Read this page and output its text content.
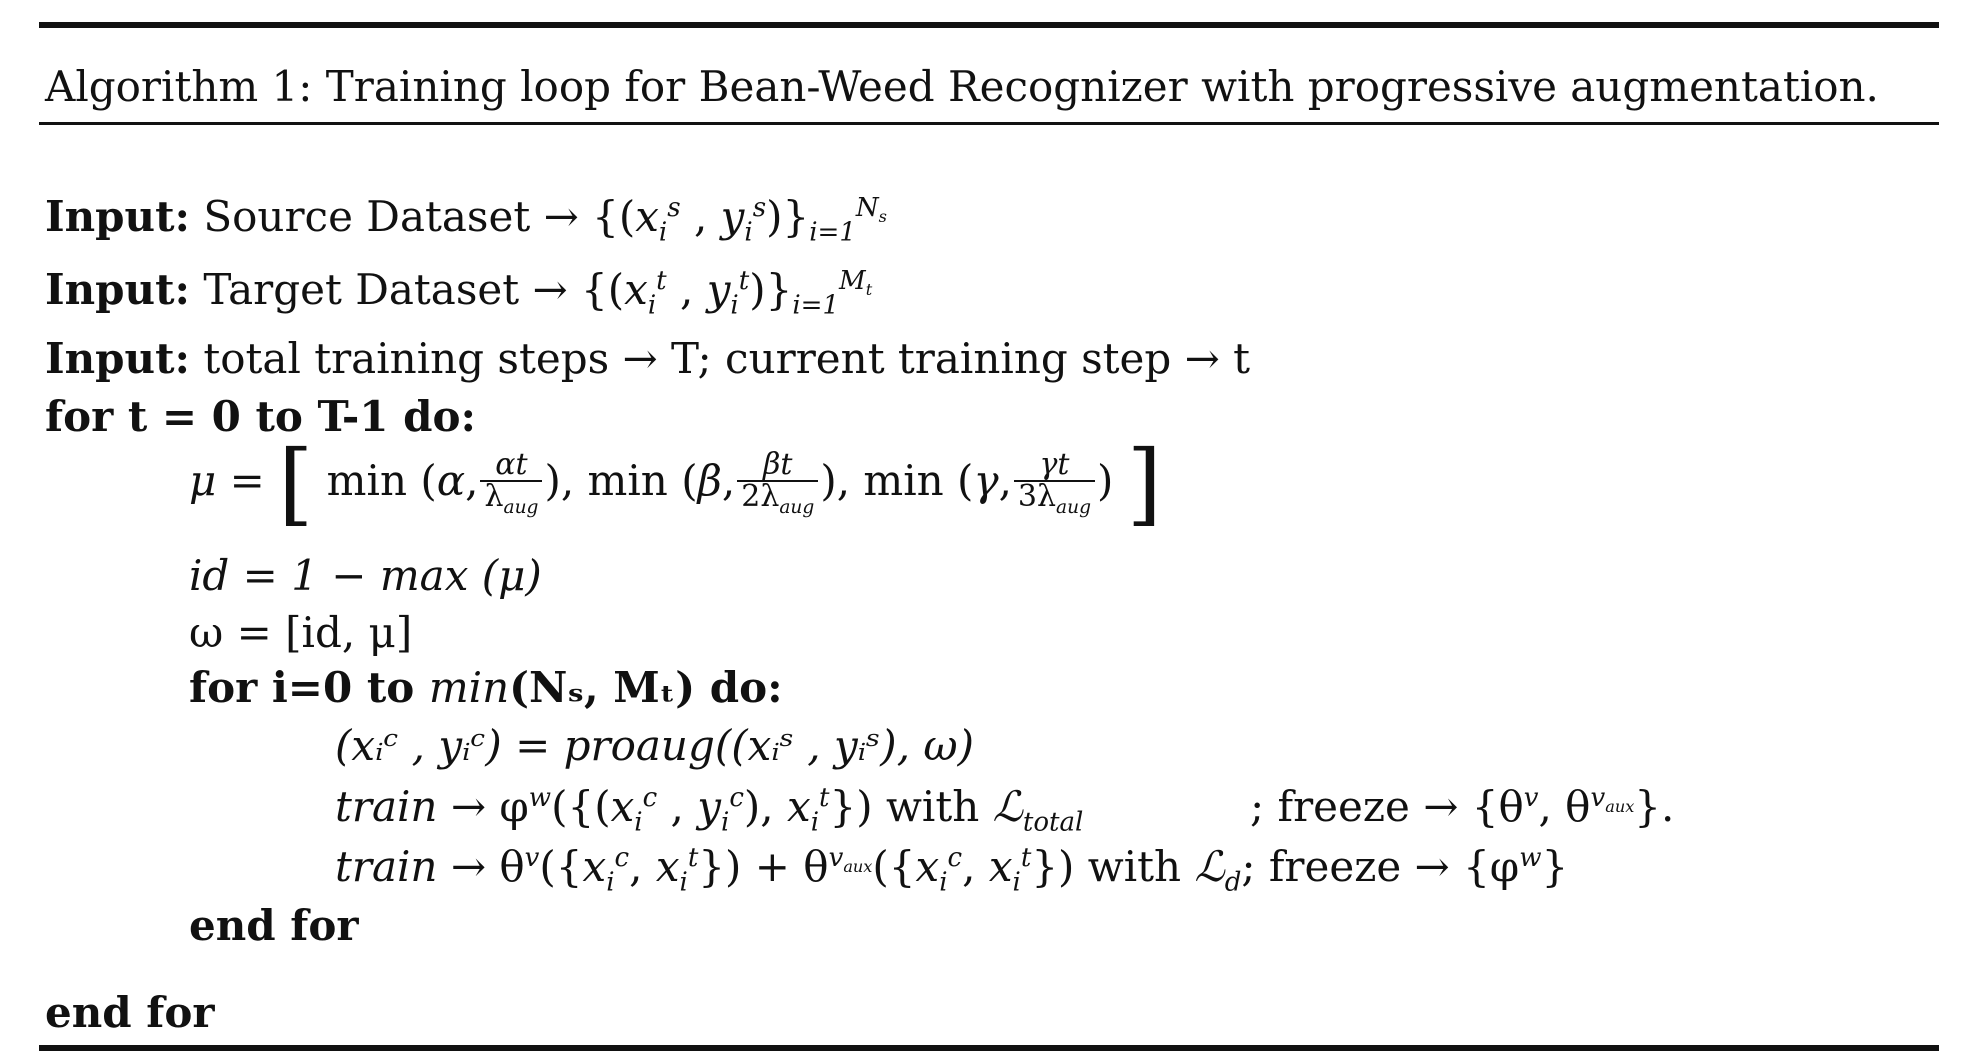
Algorithm 1: Training loop for Bean-Weed Recognizer with progressive augmentation.
Input: Source Dataset → {($x_i^s$ , $y_i^s)\}_{i=1}^{N_s}$
Input: Target Dataset → {($x_i^t$ , $y_i^t)\}_{i=1}^{M_t}$
Input: total training steps → T; current training step → t
for t = 0 to T-1 do:
μ = [ min (α, αt
$\lambda_{aug}$
), min (β, βt
$2\lambda_{aug}$
), min (γ, γt
$3\lambda_{aug}$
) ]
id = 1 − max (μ)
ω = [id, μ]
for i=0 to min(Nₛ, Mₜ) do:
(xᵢᶜ , yᵢᶜ) = proaug((xᵢˢ , yᵢˢ), ω)
train → $\varphi^w(\{(x_i^c$ , $y_i^c$), $x_i^t$}) with ℒ$_{total}$	; freeze → {$\theta^v$, $\theta^{v_{aux}}$}.
train → $\theta^v(\{x_i^c$, $x_i^t\}) + \theta^{v_{aux}}(\{x_i^c$, $x_i^t$}) with ℒ$_d$; freeze → $\{\varphi^w\}$
end for
end for
